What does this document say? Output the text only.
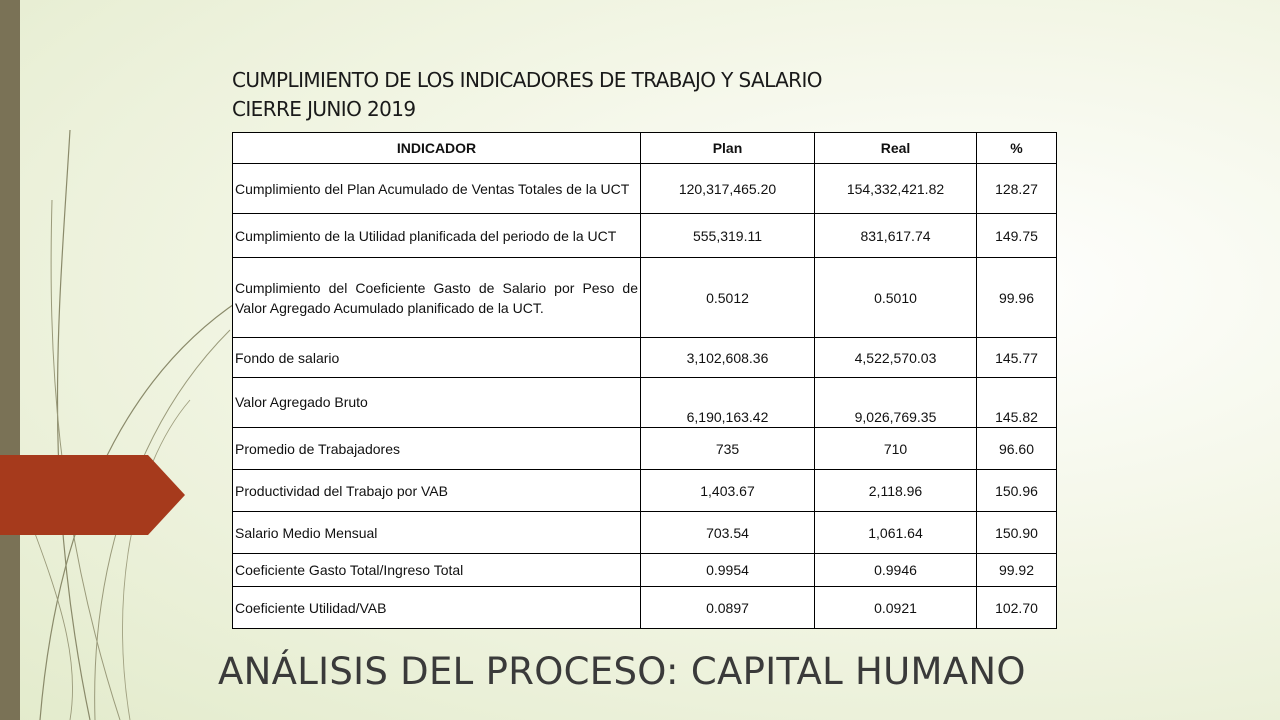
CUMPLIMIENTO DE LOS INDICADORES DE TRABAJO Y SALARIO
CIERRE JUNIO 2019
INDICADOR	Plan	Real	%
Cumplimiento del Plan Acumulado de Ventas Totales de la UCT	120,317,465.20	154,332,421.82	128.27
Cumplimiento de la Utilidad planificada del periodo de la UCT	555,319.11	831,617.74	149.75
Cumplimiento del Coeficiente Gasto de Salario por Peso de Valor Agregado Acumulado planificado de la UCT.	0.5012	0.5010	99.96
Fondo de salario	3,102,608.36	4,522,570.03	145.77
Valor Agregado Bruto	6,190,163.42	9,026,769.35	145.82
Promedio de Trabajadores	735	710	96.60
Productividad del Trabajo por VAB	1,403.67	2,118.96	150.96
Salario Medio Mensual	703.54	1,061.64	150.90
Coeficiente Gasto Total/Ingreso Total	0.9954	0.9946	99.92
Coeficiente Utilidad/VAB	0.0897	0.0921	102.70
ANÁLISIS DEL PROCESO: CAPITAL HUMANO
